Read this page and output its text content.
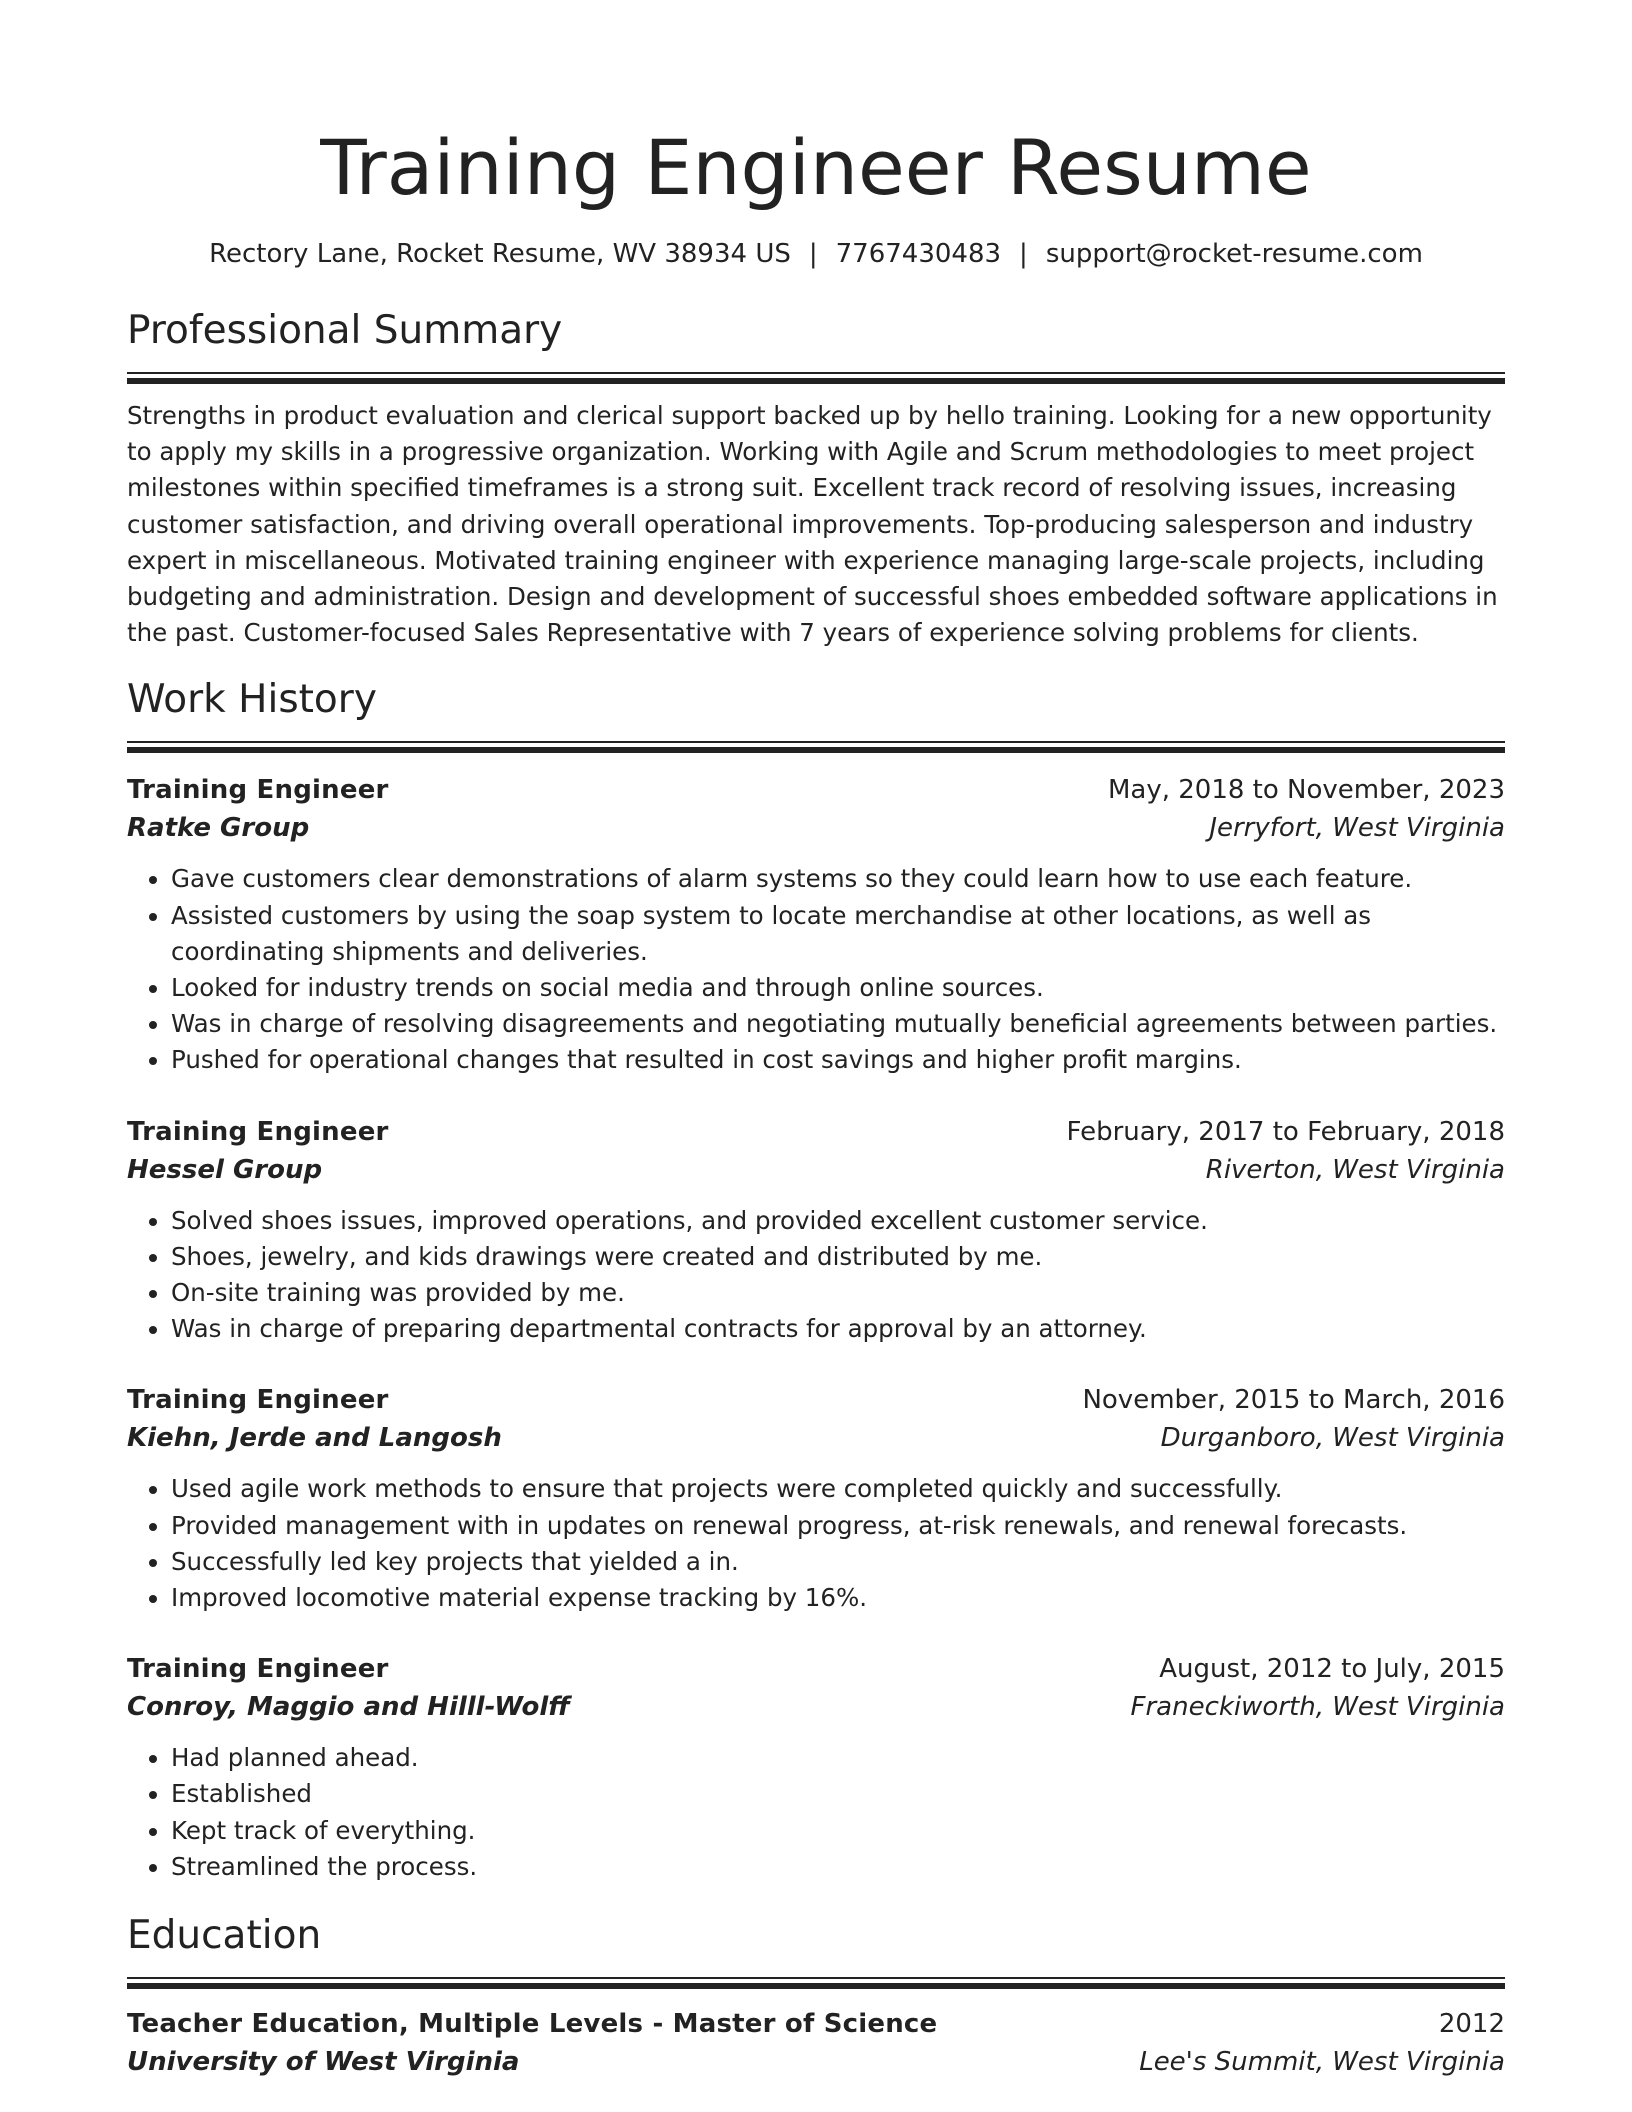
Training Engineer Resume
Rectory Lane, Rocket Resume, WV 38934 US | 7767430483 | support@rocket-resume.com
Professional Summary
Strengths in product evaluation and clerical support backed up by hello training. Looking for a new opportunity to apply my skills in a progressive organization. Working with Agile and Scrum methodologies to meet project milestones within specified timeframes is a strong suit. Excellent track record of resolving issues, increasing customer satisfaction, and driving overall operational improvements. Top-producing salesperson and industry expert in miscellaneous. Motivated training engineer with experience managing large-scale projects, including budgeting and administration. Design and development of successful shoes embedded software applications in the past. Customer-focused Sales Representative with 7 years of experience solving problems for clients.
Work History
Training Engineer	May, 2018 to November, 2023
Ratke Group	Jerryfort, West Virginia
• Gave customers clear demonstrations of alarm systems so they could learn how to use each feature.
• Assisted customers by using the soap system to locate merchandise at other locations, as well as coordinating shipments and deliveries.
• Looked for industry trends on social media and through online sources.
• Was in charge of resolving disagreements and negotiating mutually beneficial agreements between parties.
• Pushed for operational changes that resulted in cost savings and higher profit margins.
Training Engineer	February, 2017 to February, 2018
Hessel Group	Riverton, West Virginia
• Solved shoes issues, improved operations, and provided excellent customer service.
• Shoes, jewelry, and kids drawings were created and distributed by me.
• On-site training was provided by me.
• Was in charge of preparing departmental contracts for approval by an attorney.
Training Engineer	November, 2015 to March, 2016
Kiehn, Jerde and Langosh	Durganboro, West Virginia
• Used agile work methods to ensure that projects were completed quickly and successfully.
• Provided management with in updates on renewal progress, at-risk renewals, and renewal forecasts.
• Successfully led key projects that yielded a in.
• Improved locomotive material expense tracking by 16%.
Training Engineer	August, 2012 to July, 2015
Conroy, Maggio and Hilll-Wolff	Franeckiworth, West Virginia
• Had planned ahead.
• Established
• Kept track of everything.
• Streamlined the process.
Education
Teacher Education, Multiple Levels - Master of Science	2012
University of West Virginia	Lee's Summit, West Virginia
